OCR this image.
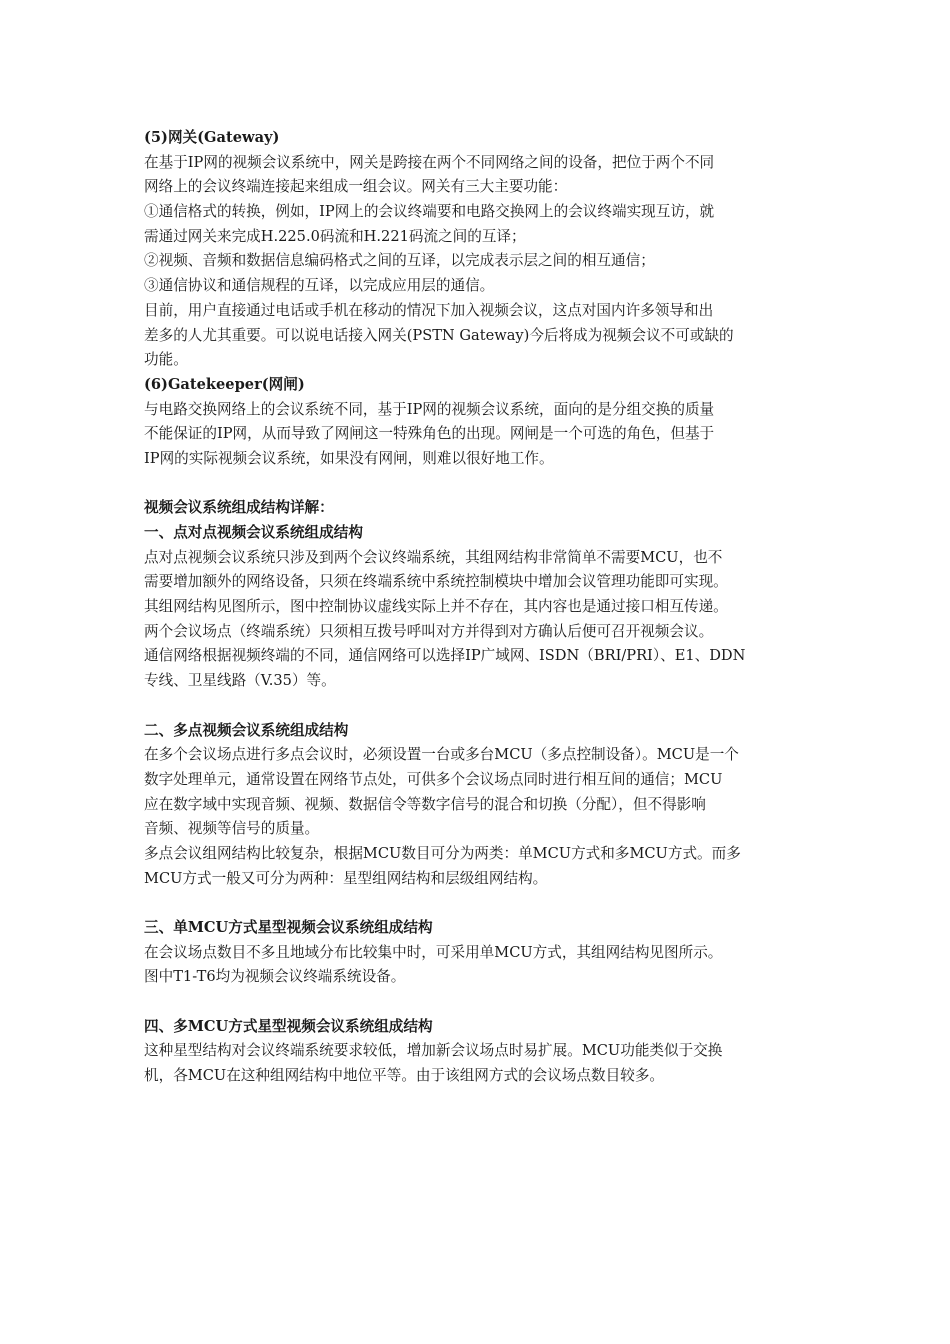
(5)网关(Gateway)
在基于IP网的视频会议系统中，网关是跨接在两个不同网络之间的设备，把位于两个不同
网络上的会议终端连接起来组成一组会议。网关有三大主要功能：
①通信格式的转换，例如，IP网上的会议终端要和电路交换网上的会议终端实现互访，就
需通过网关来完成H.225.0码流和H.221码流之间的互译；
②视频、音频和数据信息编码格式之间的互译，以完成表示层之间的相互通信；
③通信协议和通信规程的互译，以完成应用层的通信。
目前，用户直接通过电话或手机在移动的情况下加入视频会议，这点对国内许多领导和出
差多的人尤其重要。可以说电话接入网关(PSTN Gateway)今后将成为视频会议不可或缺的
功能。
(6)Gatekeeper(网闸)
与电路交换网络上的会议系统不同，基于IP网的视频会议系统，面向的是分组交换的质量
不能保证的IP网，从而导致了网闸这一特殊角色的出现。网闸是一个可选的角色，但基于
IP网的实际视频会议系统，如果没有网闸，则难以很好地工作。
视频会议系统组成结构详解：
一、点对点视频会议系统组成结构
点对点视频会议系统只涉及到两个会议终端系统，其组网结构非常简单不需要MCU，也不
需要增加额外的网络设备，只须在终端系统中系统控制模块中增加会议管理功能即可实现。
其组网结构见图所示，图中控制协议虚线实际上并不存在，其内容也是通过接口相互传递。
两个会议场点（终端系统）只须相互拨号呼叫对方并得到对方确认后便可召开视频会议。
通信网络根据视频终端的不同，通信网络可以选择IP广域网、ISDN（BRI/PRI）、E1、DDN
专线、卫星线路（V.35）等。
二、多点视频会议系统组成结构
在多个会议场点进行多点会议时，必须设置一台或多台MCU（多点控制设备）。MCU是一个
数字处理单元，通常设置在网络节点处，可供多个会议场点同时进行相互间的通信；MCU
应在数字域中实现音频、视频、数据信令等数字信号的混合和切换（分配），但不得影响
音频、视频等信号的质量。
多点会议组网结构比较复杂，根据MCU数目可分为两类：单MCU方式和多MCU方式。而多
MCU方式一般又可分为两种：星型组网结构和层级组网结构。
三、单MCU方式星型视频会议系统组成结构
在会议场点数目不多且地域分布比较集中时，可采用单MCU方式，其组网结构见图所示。
图中T1-T6均为视频会议终端系统设备。
四、多MCU方式星型视频会议系统组成结构
这种星型结构对会议终端系统要求较低，增加新会议场点时易扩展。MCU功能类似于交换
机，各MCU在这种组网结构中地位平等。由于该组网方式的会议场点数目较多。
